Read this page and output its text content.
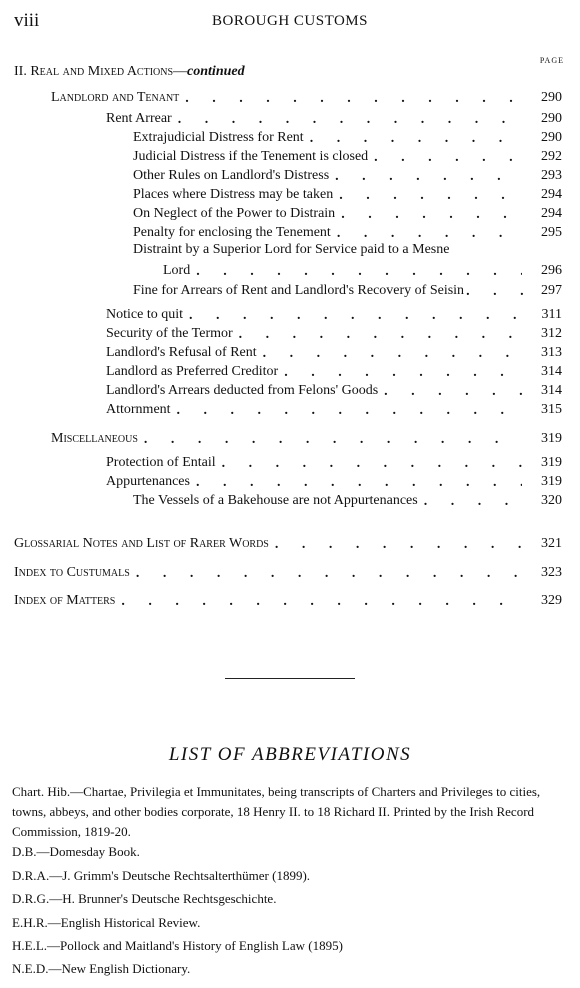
viii	BOROUGH CUSTOMS
PAGE
II. Real and Mixed Actions—continued
Landlord and Tenant . . .	290
Rent Arrear . . .	290
Extrajudicial Distress for Rent . . .	290
Judicial Distress if the Tenement is closed . . .	292
Other Rules on Landlord's Distress . . .	293
Places where Distress may be taken . . .	294
On Neglect of the Power to Distrain . . .	294
Penalty for enclosing the Tenement . . .	295
Distraint by a Superior Lord for Service paid to a Mesne
Lord . . .	296
Fine for Arrears of Rent and Landlord's Recovery of Seisin . . .	297
Notice to quit . . .	311
Security of the Termor . . .	312
Landlord's Refusal of Rent . . .	313
Landlord as Preferred Creditor . . .	314
Landlord's Arrears deducted from Felons' Goods . . .	314
Attornment . . .	315
Miscellaneous . . .	319
Protection of Entail . . .	319
Appurtenances . . .	319
The Vessels of a Bakehouse are not Appurtenances . . .	320
Glossarial Notes and List of Rarer Words . . .	321
Index to Custumals . . .	323
Index of Matters . . .	329
LIST OF ABBREVIATIONS
Chart. Hib.—Chartae, Privilegia et Immunitates, being transcripts of Charters and Privileges to cities, towns, abbeys, and other bodies corporate, 18 Henry II. to 18 Richard II. Printed by the Irish Record Commission, 1819-20.
D.B.—Domesday Book.
D.R.A.—J. Grimm's Deutsche Rechtsalterthümer (1899).
D.R.G.—H. Brunner's Deutsche Rechtsgeschichte.
E.H.R.—English Historical Review.
H.E.L.—Pollock and Maitland's History of English Law (1895)
N.E.D.—New English Dictionary.
